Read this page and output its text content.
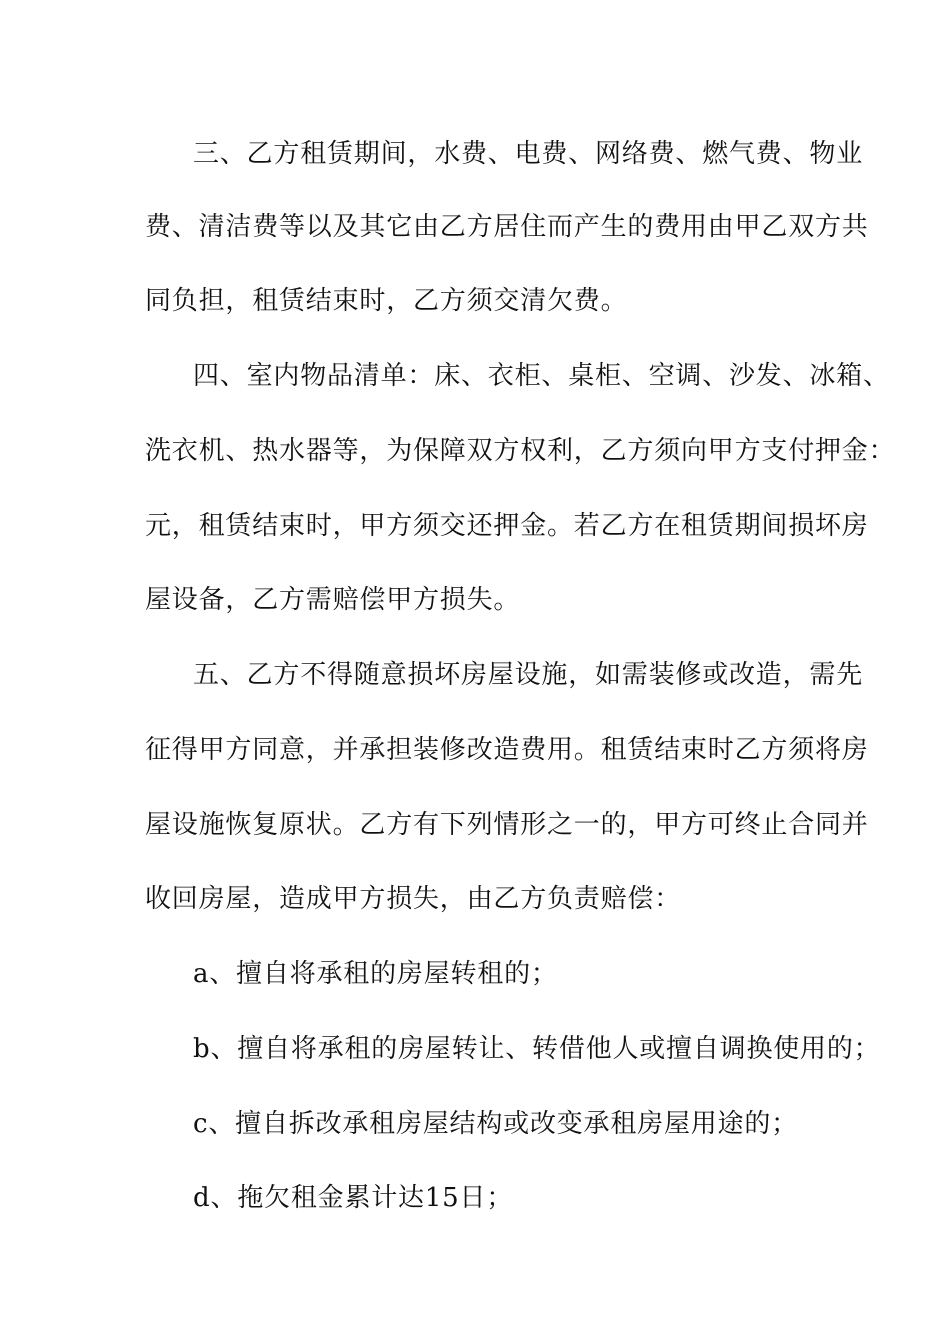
三、乙方租赁期间，水费、电费、网络费、燃气费、物业
费、清洁费等以及其它由乙方居住而产生的费用由甲乙双方共
同负担，租赁结束时，乙方须交清欠费。
四、室内物品清单：床、衣柜、桌柜、空调、沙发、冰箱、
洗衣机、热水器等，为保障双方权利，乙方须向甲方支付押金：
元，租赁结束时，甲方须交还押金。若乙方在租赁期间损坏房
屋设备，乙方需赔偿甲方损失。
五、乙方不得随意损坏房屋设施，如需装修或改造，需先
征得甲方同意，并承担装修改造费用。租赁结束时乙方须将房
屋设施恢复原状。乙方有下列情形之一的，甲方可终止合同并
收回房屋，造成甲方损失，由乙方负责赔偿：
a、擅自将承租的房屋转租的；
b、擅自将承租的房屋转让、转借他人或擅自调换使用的；
c、擅自拆改承租房屋结构或改变承租房屋用途的；
d、拖欠租金累计达15日；
